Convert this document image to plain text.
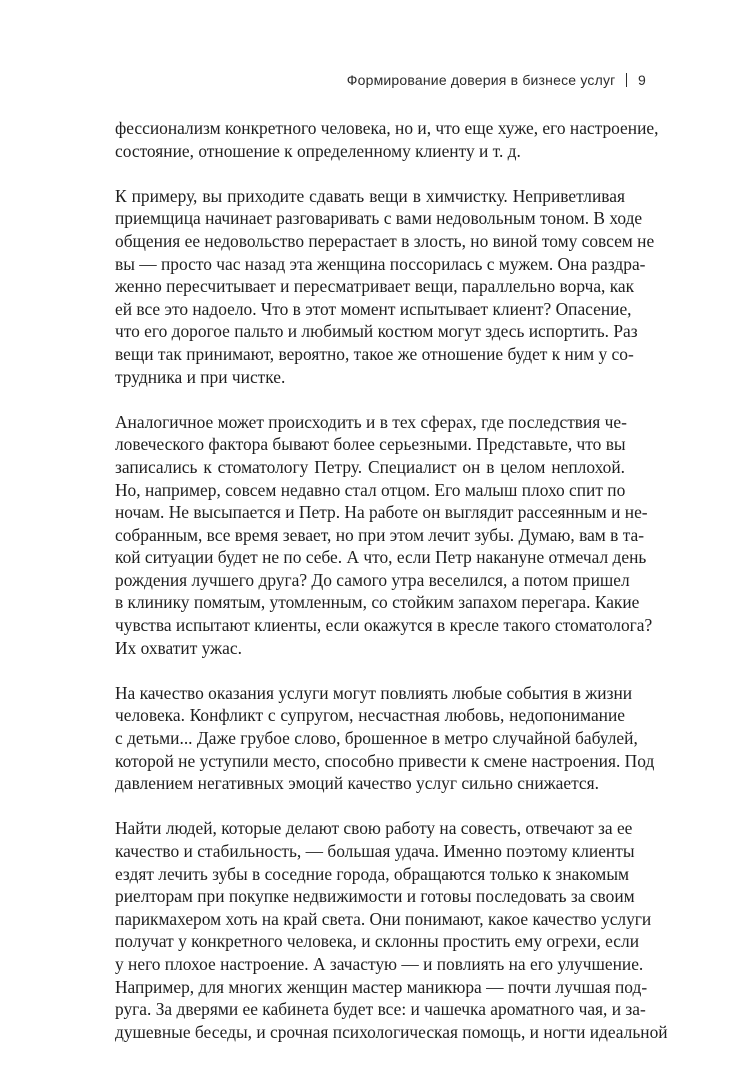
Формирование доверия в бизнесе услуг 9
фессионализм конкретного человека, но и, что еще хуже, его настроение,
состояние, отношение к определенному клиенту и т. д.
К примеру, вы приходите сдавать вещи в химчистку. Неприветливая
приемщица начинает разговаривать с вами недовольным тоном. В ходе
общения ее недовольство перерастает в злость, но виной тому совсем не
вы — просто час назад эта женщина поссорилась с мужем. Она раздра-
женно пересчитывает и пересматривает вещи, параллельно ворча, как
ей все это надоело. Что в этот момент испытывает клиент? Опасение,
что его дорогое пальто и любимый костюм могут здесь испортить. Раз
вещи так принимают, вероятно, такое же отношение будет к ним у со-
трудника и при чистке.
Аналогичное может происходить и в тех сферах, где последствия че-
ловеческого фактора бывают более серьезными. Представьте, что вы
записались к стоматологу Петру. Специалист он в целом неплохой.
Но, например, совсем недавно стал отцом. Его малыш плохо спит по
ночам. Не высыпается и Петр. На работе он выглядит рассеянным и не-
собранным, все время зевает, но при этом лечит зубы. Думаю, вам в та-
кой ситуации будет не по себе. А что, если Петр накануне отмечал день
рождения лучшего друга? До самого утра веселился, а потом пришел
в клинику помятым, утомленным, со стойким запахом перегара. Какие
чувства испытают клиенты, если окажутся в кресле такого стоматолога?
Их охватит ужас.
На качество оказания услуги могут повлиять любые события в жизни
человека. Конфликт с супругом, несчастная любовь, недопонимание
с детьми... Даже грубое слово, брошенное в метро случайной бабулей,
которой не уступили место, способно привести к смене настроения. Под
давлением негативных эмоций качество услуг сильно снижается.
Найти людей, которые делают свою работу на совесть, отвечают за ее
качество и стабильность, — большая удача. Именно поэтому клиенты
ездят лечить зубы в соседние города, обращаются только к знакомым
риелторам при покупке недвижимости и готовы последовать за своим
парикмахером хоть на край света. Они понимают, какое качество услуги
получат у конкретного человека, и склонны простить ему огрехи, если
у него плохое настроение. А зачастую — и повлиять на его улучшение.
Например, для многих женщин мастер маникюра — почти лучшая под-
руга. За дверями ее кабинета будет все: и чашечка ароматного чая, и за-
душевные беседы, и срочная психологическая помощь, и ногти идеальной
